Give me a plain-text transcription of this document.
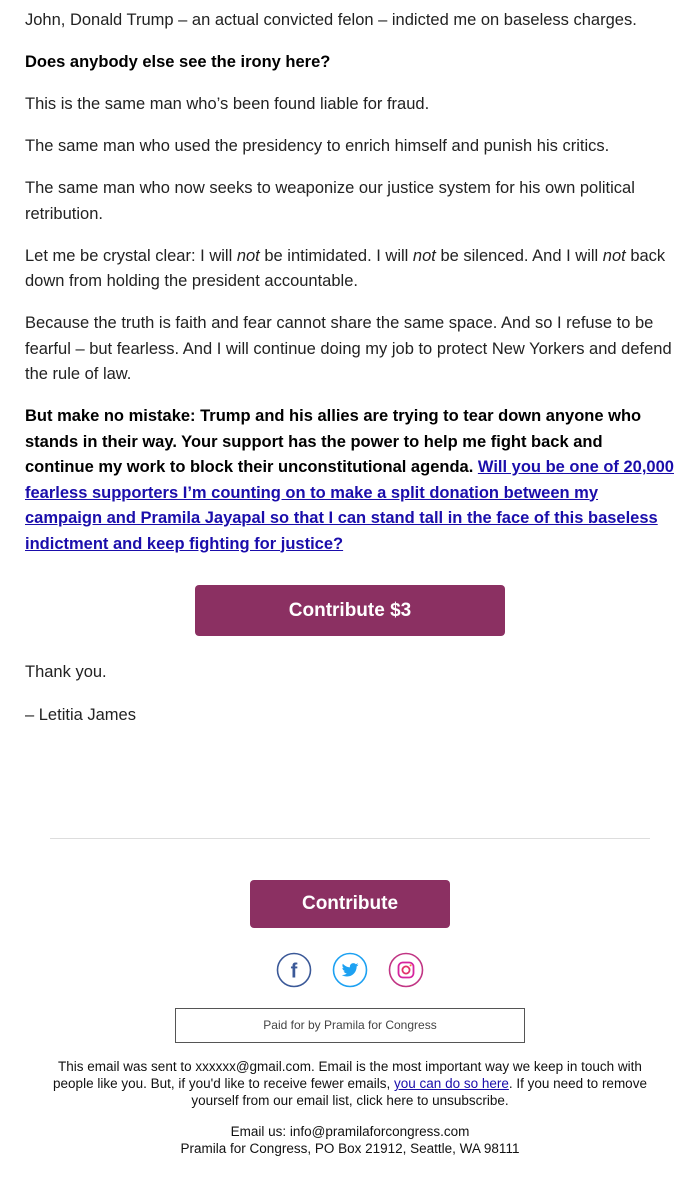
John, Donald Trump – an actual convicted felon – indicted me on baseless charges.

Does anybody else see the irony here?

This is the same man who’s been found liable for fraud.

The same man who used the presidency to enrich himself and punish his critics.

The same man who now seeks to weaponize our justice system for his own political retribution.

Let me be crystal clear: I will not be intimidated. I will not be silenced. And I will not back down from holding the president accountable.

Because the truth is faith and fear cannot share the same space. And so I refuse to be fearful – but fearless. And I will continue doing my job to protect New Yorkers and defend the rule of law.

But make no mistake: Trump and his allies are trying to tear down anyone who stands in their way. Your support has the power to help me fight back and continue my work to block their unconstitutional agenda. Will you be one of 20,000 fearless supporters I’m counting on to make a split donation between my campaign and Pramila Jayapal so that I can stand tall in the face of this baseless indictment and keep fighting for justice?

Contribute $3

Thank you.

– Letitia James

Contribute
f

Paid for by Pramila for Congress
This email was sent to xxxxxx@gmail.com. Email is the most important way we keep in touch with people like you. But, if you'd like to receive fewer emails, you can do so here. If you need to remove yourself from our email list, click here to unsubscribe.
Email us: info@pramilaforcongress.com
Pramila for Congress, PO Box 21912, Seattle, WA 98111
